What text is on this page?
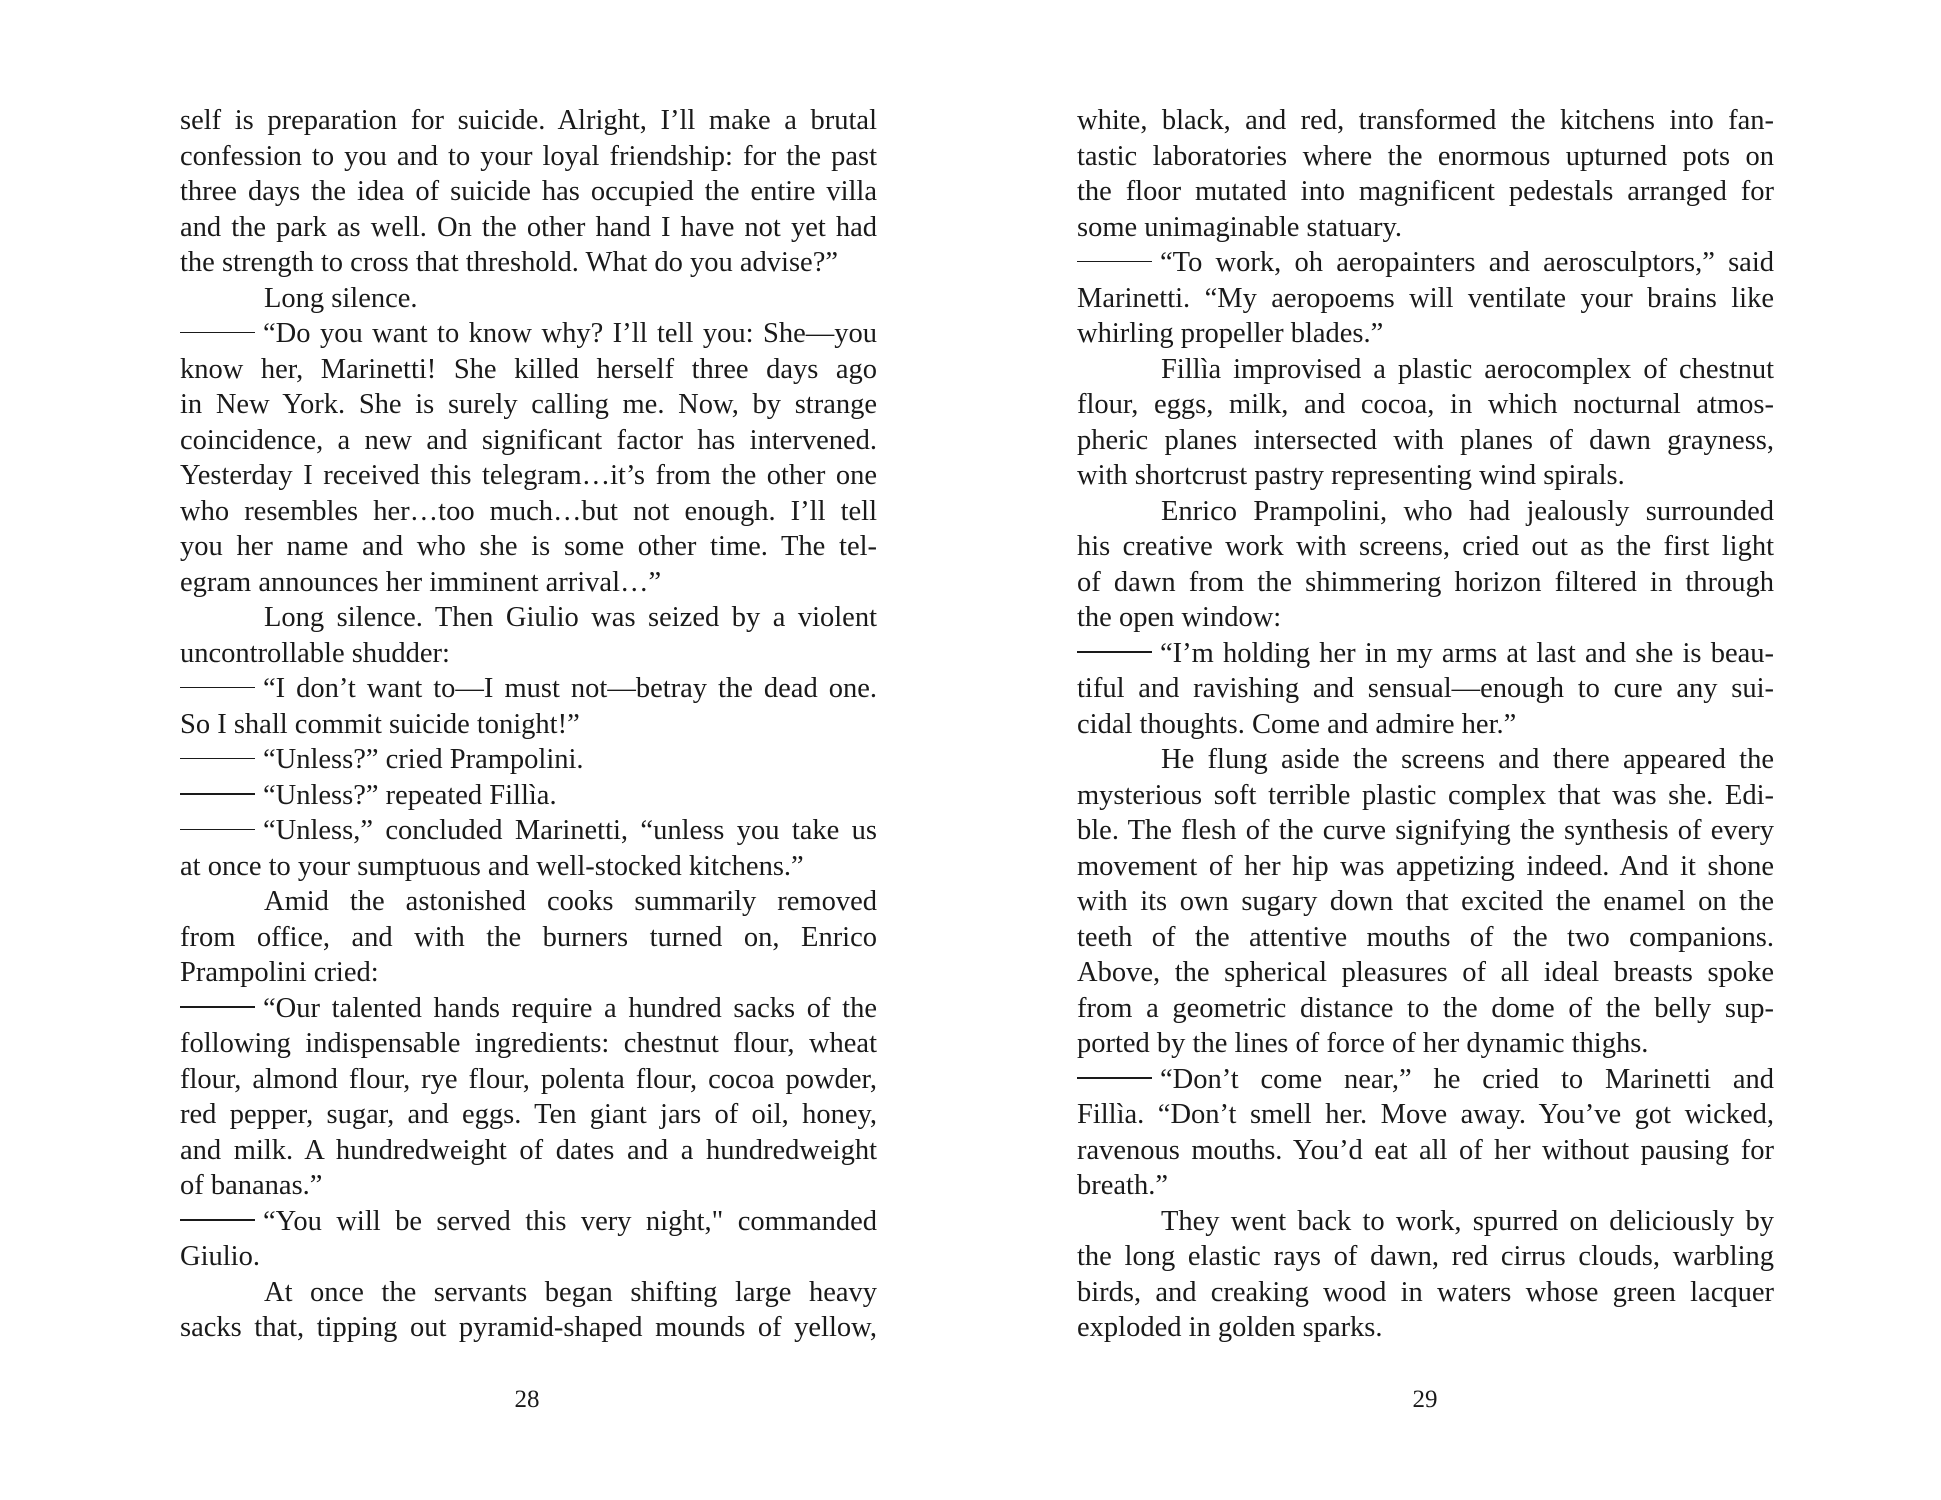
self is preparation for suicide. Alright, I’ll make a brutal
confession to you and to your loyal friendship: for the past
three days the idea of suicide has occupied the entire villa
and the park as well. On the other hand I have not yet had
the strength to cross that threshold. What do you advise?”
Long silence.
“Do you want to know why? I’ll tell you: She—you
know her, Marinetti! She killed herself three days ago
in New York. She is surely calling me. Now, by strange
coincidence, a new and significant factor has intervened.
Yesterday I received this telegram…it’s from the other one
who resembles her…too much…but not enough. I’ll tell
you her name and who she is some other time. The tel-
egram announces her imminent arrival…”
Long silence. Then Giulio was seized by a violent
uncontrollable shudder:
“I don’t want to—I must not—betray the dead one.
So I shall commit suicide tonight!”
“Unless?” cried Prampolini.
“Unless?” repeated Fillìa.
“Unless,” concluded Marinetti, “unless you take us
at once to your sumptuous and well-stocked kitchens.”
Amid the astonished cooks summarily removed
from office, and with the burners turned on, Enrico
Prampolini cried:
“Our talented hands require a hundred sacks of the
following indispensable ingredients: chestnut flour, wheat
flour, almond flour, rye flour, polenta flour, cocoa powder,
red pepper, sugar, and eggs. Ten giant jars of oil, honey,
and milk. A hundredweight of dates and a hundredweight
of bananas.”
“You will be served this very night," commanded
Giulio.
At once the servants began shifting large heavy
sacks that, tipping out pyramid-shaped mounds of yellow,
28
white, black, and red, transformed the kitchens into fan-
tastic laboratories where the enormous upturned pots on
the floor mutated into magnificent pedestals arranged for
some unimaginable statuary.
“To work, oh aeropainters and aerosculptors,” said
Marinetti. “My aeropoems will ventilate your brains like
whirling propeller blades.”
Fillìa improvised a plastic aerocomplex of chestnut
flour, eggs, milk, and cocoa, in which nocturnal atmos-
pheric planes intersected with planes of dawn grayness,
with shortcrust pastry representing wind spirals.
Enrico Prampolini, who had jealously surrounded
his creative work with screens, cried out as the first light
of dawn from the shimmering horizon filtered in through
the open window:
“I’m holding her in my arms at last and she is beau-
tiful and ravishing and sensual—enough to cure any sui-
cidal thoughts. Come and admire her.”
He flung aside the screens and there appeared the
mysterious soft terrible plastic complex that was she. Edi-
ble. The flesh of the curve signifying the synthesis of every
movement of her hip was appetizing indeed. And it shone
with its own sugary down that excited the enamel on the
teeth of the attentive mouths of the two companions.
Above, the spherical pleasures of all ideal breasts spoke
from a geometric distance to the dome of the belly sup-
ported by the lines of force of her dynamic thighs.
“Don’t come near,” he cried to Marinetti and
Fillìa. “Don’t smell her. Move away. You’ve got wicked,
ravenous mouths. You’d eat all of her without pausing for
breath.”
They went back to work, spurred on deliciously by
the long elastic rays of dawn, red cirrus clouds, warbling
birds, and creaking wood in waters whose green lacquer
exploded in golden sparks.
29
